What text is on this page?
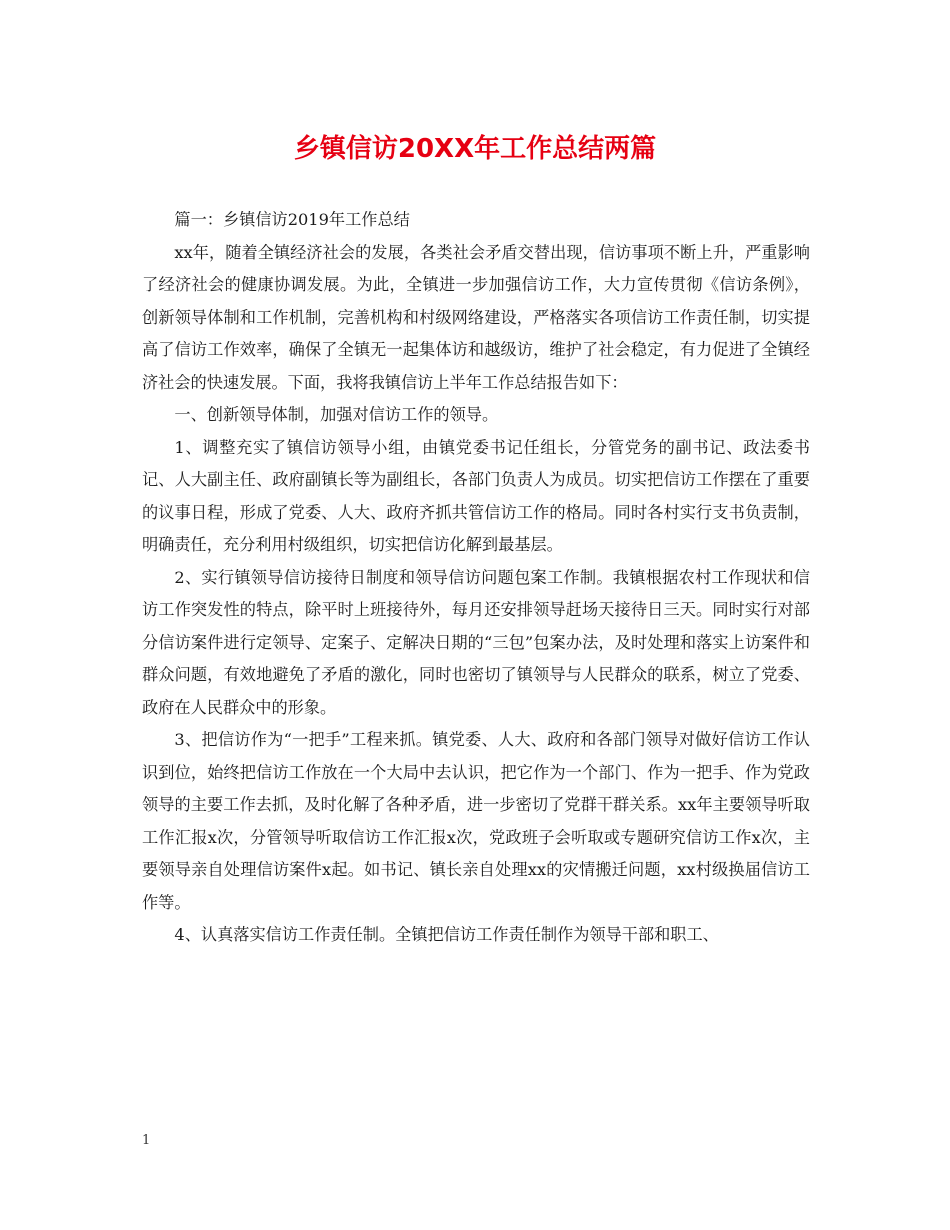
乡镇信访20XX年工作总结两篇

篇一：乡镇信访2019年工作总结

xx年，随着全镇经济社会的发展，各类社会矛盾交替出现，信访事项不断上升，严重影响了经济社会的健康协调发展。为此，全镇进一步加强信访工作，大力宣传贯彻《信访条例》，创新领导体制和工作机制，完善机构和村级网络建设，严格落实各项信访工作责任制，切实提高了信访工作效率，确保了全镇无一起集体访和越级访，维护了社会稳定，有力促进了全镇经济社会的快速发展。下面，我将我镇信访上半年工作总结报告如下：

一、创新领导体制，加强对信访工作的领导。

1、调整充实了镇信访领导小组，由镇党委书记任组长，分管党务的副书记、政法委书记、人大副主任、政府副镇长等为副组长，各部门负责人为成员。切实把信访工作摆在了重要的议事日程，形成了党委、人大、政府齐抓共管信访工作的格局。同时各村实行支书负责制，明确责任，充分利用村级组织，切实把信访化解到最基层。

2、实行镇领导信访接待日制度和领导信访问题包案工作制。我镇根据农村工作现状和信访工作突发性的特点，除平时上班接待外，每月还安排领导赶场天接待日三天。同时实行对部分信访案件进行定领导、定案子、定解决日期的“三包”包案办法，及时处理和落实上访案件和群众问题，有效地避免了矛盾的激化，同时也密切了镇领导与人民群众的联系，树立了党委、政府在人民群众中的形象。

3、把信访作为“一把手”工程来抓。镇党委、人大、政府和各部门领导对做好信访工作认识到位，始终把信访工作放在一个大局中去认识，把它作为一个部门、作为一把手、作为党政领导的主要工作去抓，及时化解了各种矛盾，进一步密切了党群干群关系。xx年主要领导听取工作汇报x次，分管领导听取信访工作汇报x次，党政班子会听取或专题研究信访工作x次，主要领导亲自处理信访案件x起。如书记、镇长亲自处理xx的灾情搬迁问题，xx村级换届信访工作等。

4、认真落实信访工作责任制。全镇把信访工作责任制作为领导干部和职工、

1
